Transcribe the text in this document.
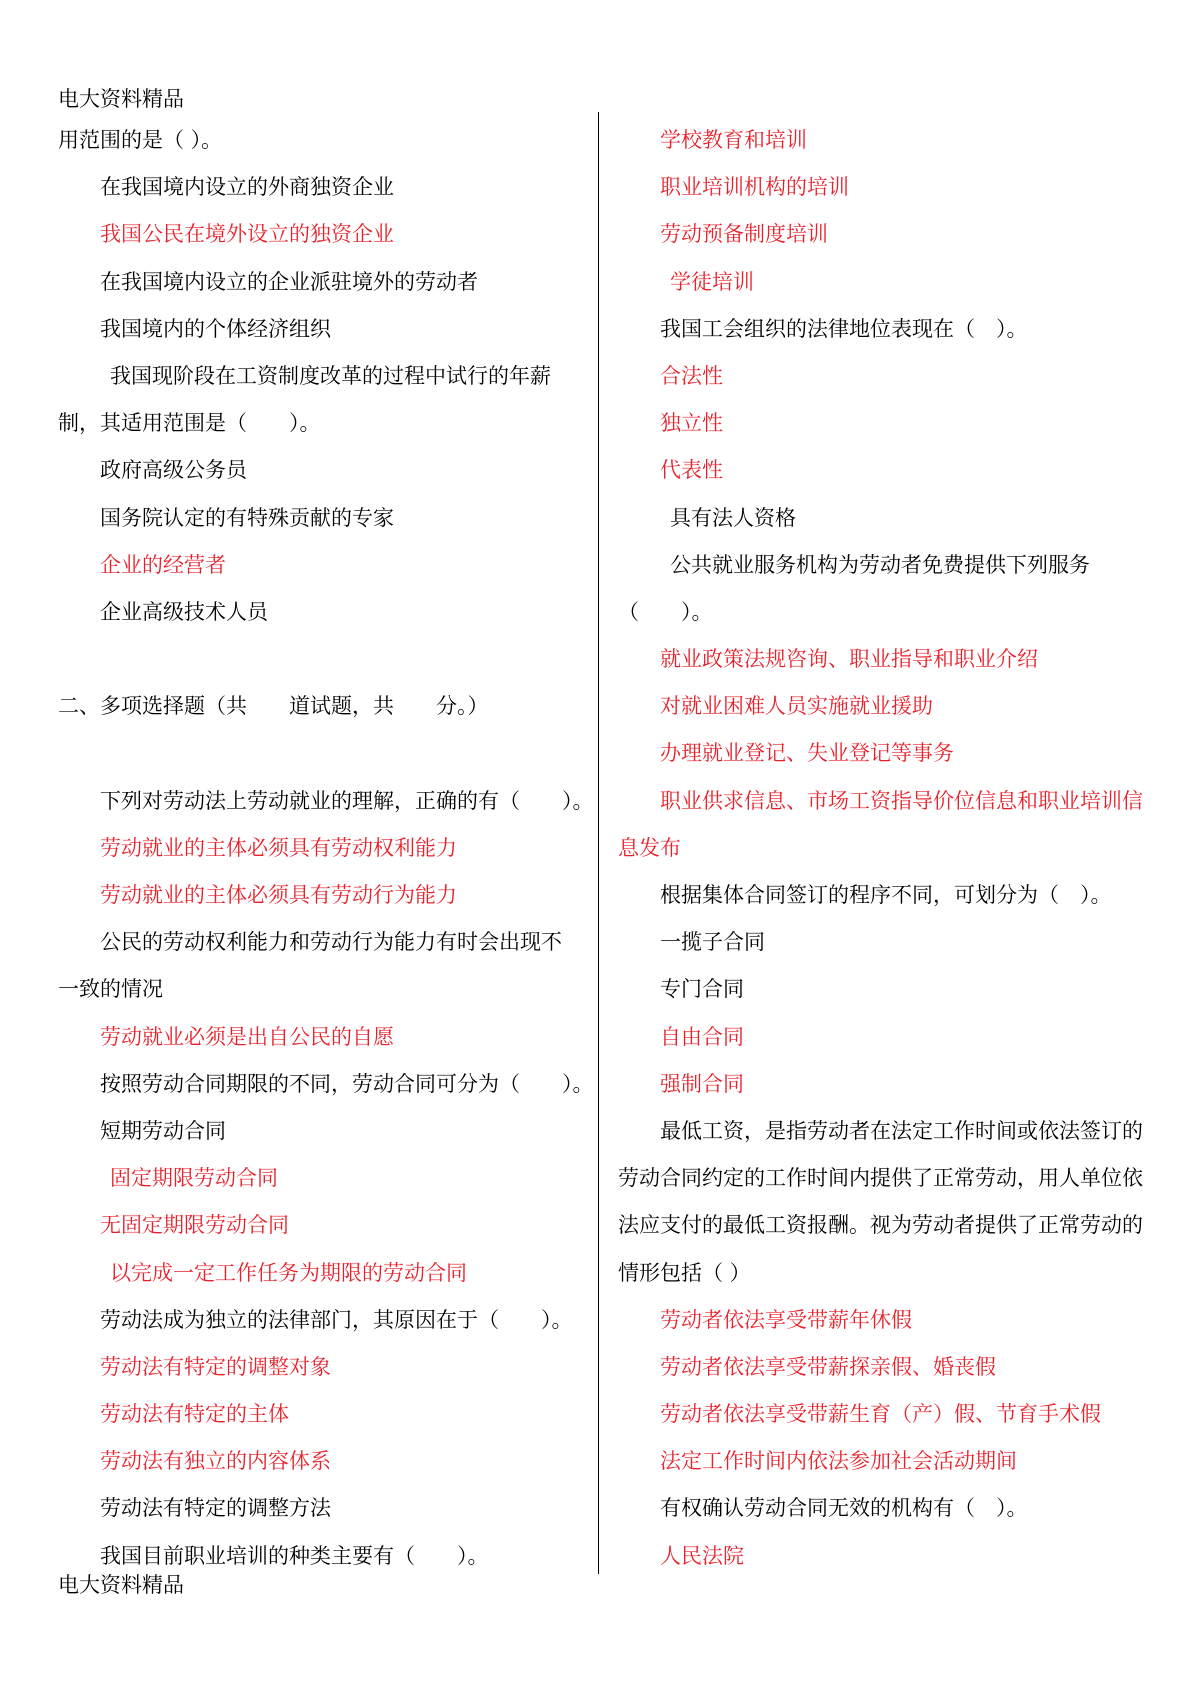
电大资料精品
用范围的是（ ）。
在我国境内设立的外商独资企业
我国公民在境外设立的独资企业
在我国境内设立的企业派驻境外的劳动者
我国境内的个体经济组织
我国现阶段在工资制度改革的过程中试行的年薪
制，其适用范围是（　　）。
政府高级公务员
国务院认定的有特殊贡献的专家
企业的经营者
企业高级技术人员
二、多项选择题（共　　道试题，共　　分。）
下列对劳动法上劳动就业的理解，正确的有（　　）。
劳动就业的主体必须具有劳动权利能力
劳动就业的主体必须具有劳动行为能力
公民的劳动权利能力和劳动行为能力有时会出现不
一致的情况
劳动就业必须是出自公民的自愿
按照劳动合同期限的不同，劳动合同可分为（　　）。
短期劳动合同
固定期限劳动合同
无固定期限劳动合同
以完成一定工作任务为期限的劳动合同
劳动法成为独立的法律部门，其原因在于（　　）。
劳动法有特定的调整对象
劳动法有特定的主体
劳动法有独立的内容体系
劳动法有特定的调整方法
我国目前职业培训的种类主要有（　　）。
学校教育和培训
职业培训机构的培训
劳动预备制度培训
学徒培训
我国工会组织的法律地位表现在（　）。
合法性
独立性
代表性
具有法人资格
公共就业服务机构为劳动者免费提供下列服务
（　　）。
就业政策法规咨询、职业指导和职业介绍
对就业困难人员实施就业援助
办理就业登记、失业登记等事务
职业供求信息、市场工资指导价位信息和职业培训信
息发布
根据集体合同签订的程序不同，可划分为（　）。
一揽子合同
专门合同
自由合同
强制合同
最低工资，是指劳动者在法定工作时间或依法签订的
劳动合同约定的工作时间内提供了正常劳动，用人单位依
法应支付的最低工资报酬。视为劳动者提供了正常劳动的
情形包括（ ）
劳动者依法享受带薪年休假
劳动者依法享受带薪探亲假、婚丧假
劳动者依法享受带薪生育（产）假、节育手术假
法定工作时间内依法参加社会活动期间
有权确认劳动合同无效的机构有（　）。
人民法院
电大资料精品
